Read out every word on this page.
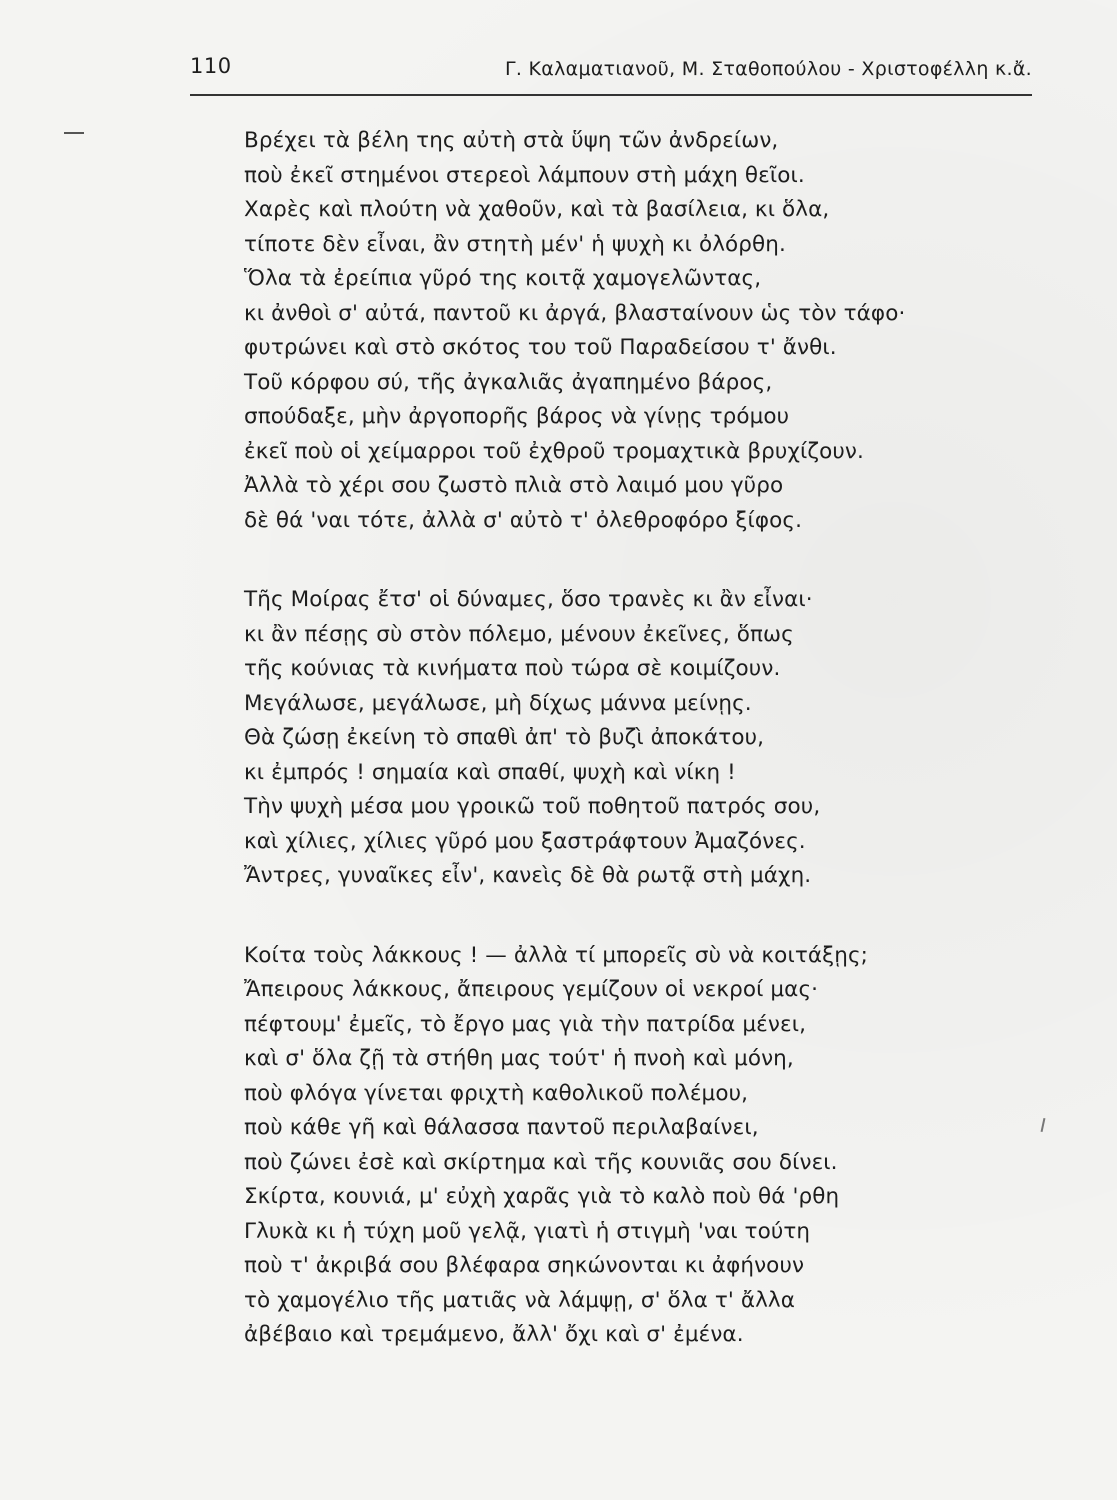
110	Γ. Καλαματιανοῦ, Μ. Σταθοπούλου - Χριστοφέλλη κ.ἄ.
Βρέχει τὰ βέλη της αὐτὴ στὰ ὕψη τῶν ἀνδρείων,
ποὺ ἐκεῖ στημένοι στερεοὶ λάμπουν στὴ μάχη θεῖοι.
Χαρὲς καὶ πλούτη νὰ χαθοῦν, καὶ τὰ βασίλεια, κι ὅλα,
τίποτε δὲν εἶναι, ἂν στητὴ μέν' ἡ ψυχὴ κι ὀλόρθη.
Ὅλα τὰ ἐρείπια γῦρό της κοιτᾷ χαμογελῶντας,
κι ἀνθοὶ σ' αὐτά, παντοῦ κι ἀργά, βλασταίνουν ὡς τὸν τάφο·
φυτρώνει καὶ στὸ σκότος του τοῦ Παραδείσου τ' ἄνθι.
Τοῦ κόρφου σύ, τῆς ἀγκαλιᾶς ἀγαπημένο βάρος,
σπούδαξε, μὴν ἀργοπορῆς βάρος νὰ γίνῃς τρόμου
ἐκεῖ ποὺ οἱ χείμαρροι τοῦ ἐχθροῦ τρομαχτικὰ βρυχίζουν.
Ἀλλὰ τὸ χέρι σου ζωστὸ πλιὰ στὸ λαιμό μου γῦρο
δὲ θά 'ναι τότε, ἀλλὰ σ' αὐτὸ τ' ὀλεθροφόρο ξίφος.
Τῆς Μοίρας ἔτσ' οἱ δύναμες, ὅσο τρανὲς κι ἂν εἶναι·
κι ἂν πέσῃς σὺ στὸν πόλεμο, μένουν ἐκεῖνες, ὅπως
τῆς κούνιας τὰ κινήματα ποὺ τώρα σὲ κοιμίζουν.
Μεγάλωσε, μεγάλωσε, μὴ δίχως μάννα μείνῃς.
Θὰ ζώσῃ ἐκείνη τὸ σπαθὶ ἀπ' τὸ βυζὶ ἀποκάτου,
κι ἐμπρός ! σημαία καὶ σπαθί, ψυχὴ καὶ νίκη !
Τὴν ψυχὴ μέσα μου γροικῶ τοῦ ποθητοῦ πατρός σου,
καὶ χίλιες, χίλιες γῦρό μου ξαστράφτουν Ἀμαζόνες.
Ἄντρες, γυναῖκες εἶν', κανεὶς δὲ θὰ ρωτᾷ στὴ μάχη.
Κοίτα τοὺς λάκκους ! — ἀλλὰ τί μπορεῖς σὺ νὰ κοιτάξῃς;
Ἄπειρους λάκκους, ἄπειρους γεμίζουν οἱ νεκροί μας·
πέφτουμ' ἐμεῖς, τὸ ἔργο μας γιὰ τὴν πατρίδα μένει,
καὶ σ' ὅλα ζῇ τὰ στήθη μας τούτ' ἡ πνοὴ καὶ μόνη,
ποὺ φλόγα γίνεται φριχτὴ καθολικοῦ πολέμου,
ποὺ κάθε γῆ καὶ θάλασσα παντοῦ περιλαβαίνει,
ποὺ ζώνει ἐσὲ καὶ σκίρτημα καὶ τῆς κουνιᾶς σου δίνει.
Σκίρτα, κουνιά, μ' εὐχὴ χαρᾶς γιὰ τὸ καλὸ ποὺ θά 'ρθη
Γλυκὰ κι ἡ τύχη μοῦ γελᾷ, γιατὶ ἡ στιγμὴ 'ναι τούτη
ποὺ τ' ἀκριβά σου βλέφαρα σηκώνονται κι ἀφήνουν
τὸ χαμογέλιο τῆς ματιᾶς νὰ λάμψῃ, σ' ὅλα τ' ἄλλα
ἀβέβαιο καὶ τρεμάμενο, ἄλλ' ὄχι καὶ σ' ἐμένα.
